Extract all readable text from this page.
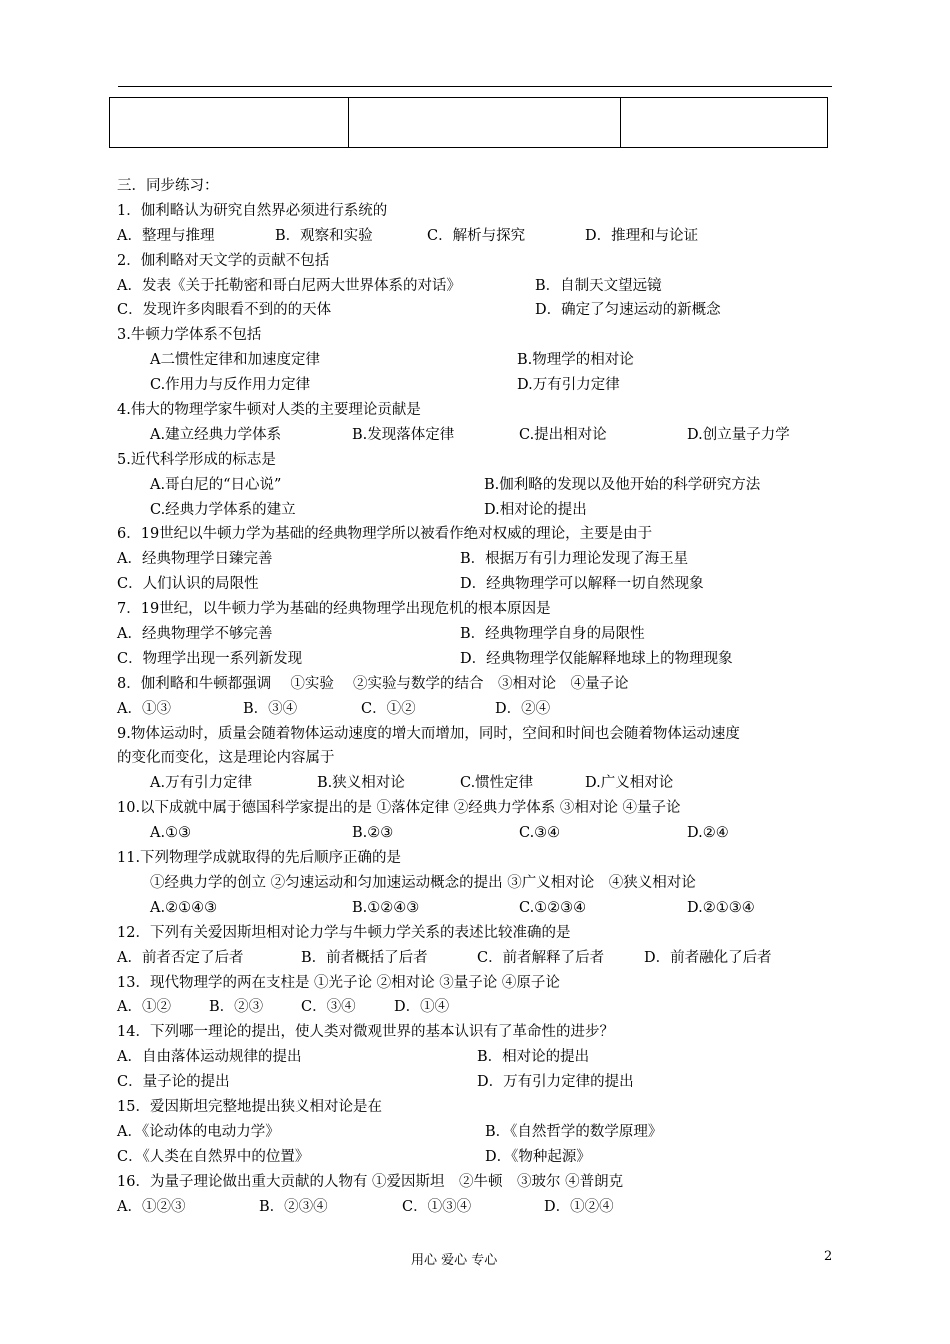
三．同步练习：
1．伽利略认为研究自然界必须进行系统的
A．整理与推理	B．观察和实验	C．解析与探究	D．推理和与论证
2．伽利略对天文学的贡献不包括
A．发表《关于托勒密和哥白尼两大世界体系的对话》	B．自制天文望远镜
C．发现许多肉眼看不到的的天体	D．确定了匀速运动的新概念
3.牛顿力学体系不包括
A二惯性定律和加速度定律	B.物理学的相对论
C.作用力与反作用力定律	D.万有引力定律
4.伟大的物理学家牛顿对人类的主要理论贡献是
A.建立经典力学体系	B.发现落体定律	C.提出相对论	D.创立量子力学
5.近代科学形成的标志是
A.哥白尼的“日心说”	B.伽利略的发现以及他开始的科学研究方法
C.经典力学体系的建立	D.相对论的提出
6．19世纪以牛顿力学为基础的经典物理学所以被看作绝对权威的理论，主要是由于
A．经典物理学日臻完善	B．根据万有引力理论发现了海王星
C．人们认识的局限性	D．经典物理学可以解释一切自然现象
7．19世纪，以牛顿力学为基础的经典物理学出现危机的根本原因是
A．经典物理学不够完善	B．经典物理学自身的局限性
C．物理学出现一系列新发现	D．经典物理学仅能解释地球上的物理现象
8．伽利略和牛顿都强调　 ①实验　 ②实验与数学的结合　③相对论　④量子论
A．①③	B．③④	C．①②	D．②④
9.物体运动时，质量会随着物体运动速度的增大而增加，同时，空间和时间也会随着物体运动速度
的变化而变化，这是理论内容属于
A.万有引力定律	B.狭义相对论	C.惯性定律	D.广义相对论
10.以下成就中属于德国科学家提出的是 ①落体定律 ②经典力学体系 ③相对论 ④量子论
A.①③	B.②③	C.③④	D.②④
11.下列物理学成就取得的先后顺序正确的是
①经典力学的创立 ②匀速运动和匀加速运动概念的提出 ③广义相对论　④狭义相对论
A.②①④③	B.①②④③	C.①②③④	D.②①③④
12．下列有关爱因斯坦相对论力学与牛顿力学关系的表述比较准确的是
A．前者否定了后者	B．前者概括了后者	C．前者解释了后者	D．前者融化了后者
13．现代物理学的两在支柱是 ①光子论 ②相对论 ③量子论 ④原子论
A．①②	B．②③	C．③④	D．①④
14．下列哪一理论的提出，使人类对微观世界的基本认识有了革命性的进步？
A．自由落体运动规律的提出	B．相对论的提出
C．量子论的提出	D．万有引力定律的提出
15．爱因斯坦完整地提出狭义相对论是在
A．《论动体的电动力学》	B．《自然哲学的数学原理》
C．《人类在自然界中的位置》	D．《物种起源》
16．为量子理论做出重大贡献的人物有 ①爱因斯坦　②牛顿　③玻尔 ④普朗克
A．①②③	B．②③④	C．①③④	D．①②④
用心 爱心 专心	2
